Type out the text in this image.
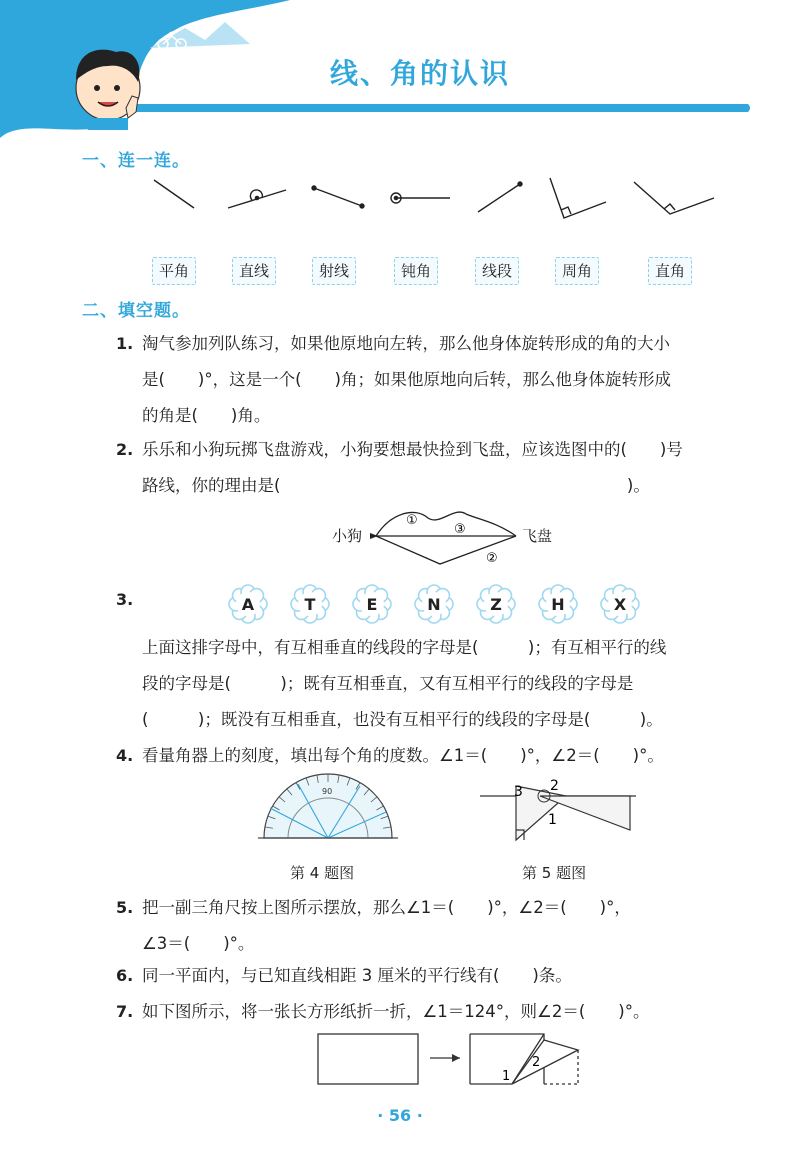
线、角的认识
一、连一连。
平角	直线	射线	钝角	线段	周角	直角
二、填空题。
1. 淘气参加列队练习，如果他原地向左转，那么他身体旋转形成的角的大小
是(　　)°，这是一个(　　)角；如果他原地向后转，那么他身体旋转形成
的角是(　　)角。
2. 乐乐和小狗玩掷飞盘游戏，小狗要想最快捡到飞盘，应该选图中的(　　)号
路线，你的理由是(　　　　　　　　　　　　　　　　　　　　　)。
小狗	飞盘
①
②
③
3.	A	T	E	N	Z	H	X
上面这排字母中，有互相垂直的线段的字母是(　　　)；有互相平行的线
段的字母是(　　　)；既有互相垂直，又有互相平行的线段的字母是
(　　　)；既没有互相垂直，也没有互相平行的线段的字母是(　　　)。
4. 看量角器上的刻度，填出每个角的度数。∠1＝(　　)°，∠2＝(　　)°。
90	3 2
1
第 4 题图	第 5 题图
5. 把一副三角尺按上图所示摆放，那么∠1＝(　　)°，∠2＝(　　)°，
∠3＝(　　)°。
6. 同一平面内，与已知直线相距 3 厘米的平行线有(　　)条。
7. 如下图所示，将一张长方形纸折一折，∠1＝124°，则∠2＝(　　)°。
1
2
· 56 ·
